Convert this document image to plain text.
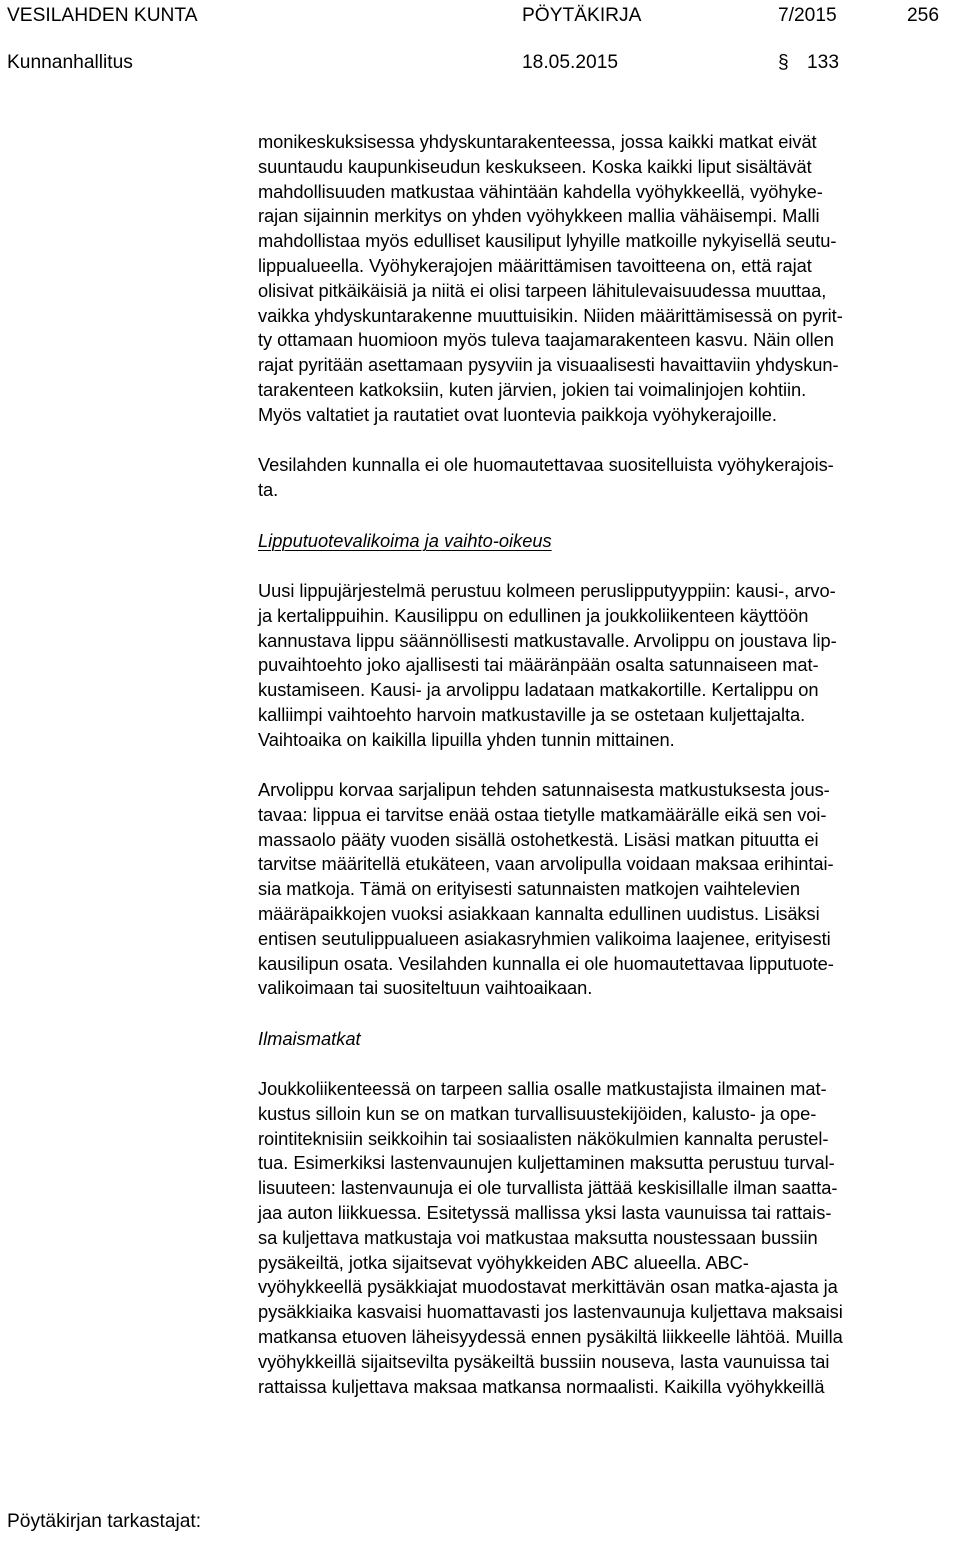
VESILAHDEN KUNTA	PÖYTÄKIRJA	7/2015	256
Kunnanhallitus	18.05.2015	§ 133
monikeskuksisessa yhdyskuntarakenteessa, jossa kaikki matkat eivät
suuntaudu kaupunkiseudun keskukseen. Koska kaikki liput sisältävät
mahdollisuuden matkustaa vähintään kahdella vyöhykkeellä, vyöhyke-
rajan sijainnin merkitys on yhden vyöhykkeen mallia vähäisempi. Malli
mahdollistaa myös edulliset kausiliput lyhyille matkoille nykyisellä seutu-
lippualueella. Vyöhykerajojen määrittämisen tavoitteena on, että rajat
olisivat pitkäikäisiä ja niitä ei olisi tarpeen lähitulevaisuudessa muuttaa,
vaikka yhdyskuntarakenne muuttuisikin. Niiden määrittämisessä on pyrit-
ty ottamaan huomioon myös tuleva taajamarakenteen kasvu. Näin ollen
rajat pyritään asettamaan pysyviin ja visuaalisesti havaittaviin yhdyskun-
tarakenteen katkoksiin, kuten järvien, jokien tai voimalinjojen kohtiin.
Myös valtatiet ja rautatiet ovat luontevia paikkoja vyöhykerajoille.
Vesilahden kunnalla ei ole huomautettavaa suositelluista vyöhykerajois-
ta.
Lipputuotevalikoima ja vaihto-oikeus
Uusi lippujärjestelmä perustuu kolmeen peruslipputyyppiin: kausi-, arvo-
ja kertalippuihin. Kausilippu on edullinen ja joukkoliikenteen käyttöön
kannustava lippu säännöllisesti matkustavalle. Arvolippu on joustava lip-
puvaihtoehto joko ajallisesti tai määränpään osalta satunnaiseen mat-
kustamiseen. Kausi- ja arvolippu ladataan matkakortille. Kertalippu on
kalliimpi vaihtoehto harvoin matkustaville ja se ostetaan kuljettajalta.
Vaihtoaika on kaikilla lipuilla yhden tunnin mittainen.
Arvolippu korvaa sarjalipun tehden satunnaisesta matkustuksesta jous-
tavaa: lippua ei tarvitse enää ostaa tietylle matkamäärälle eikä sen voi-
massaolo pääty vuoden sisällä ostohetkestä. Lisäsi matkan pituutta ei
tarvitse määritellä etukäteen, vaan arvolipulla voidaan maksaa erihintai-
sia matkoja. Tämä on erityisesti satunnaisten matkojen vaihtelevien
määräpaikkojen vuoksi asiakkaan kannalta edullinen uudistus. Lisäksi
entisen seutulippualueen asiakasryhmien valikoima laajenee, erityisesti
kausilipun osata. Vesilahden kunnalla ei ole huomautettavaa lipputuote-
valikoimaan tai suositeltuun vaihtoaikaan.
Ilmaismatkat
Joukkoliikenteessä on tarpeen sallia osalle matkustajista ilmainen mat-
kustus silloin kun se on matkan turvallisuustekijöiden, kalusto- ja ope-
rointiteknisiin seikkoihin tai sosiaalisten näkökulmien kannalta perustel-
tua. Esimerkiksi lastenvaunujen kuljettaminen maksutta perustuu turval-
lisuuteen: lastenvaunuja ei ole turvallista jättää keskisillalle ilman saatta-
jaa auton liikkuessa. Esitetyssä mallissa yksi lasta vaunuissa tai rattais-
sa kuljettava matkustaja voi matkustaa maksutta noustessaan bussiin
pysäkeiltä, jotka sijaitsevat vyöhykkeiden ABC alueella. ABC-
vyöhykkeellä pysäkkiajat muodostavat merkittävän osan matka-ajasta ja
pysäkkiaika kasvaisi huomattavasti jos lastenvaunuja kuljettava maksaisi
matkansa etuoven läheisyydessä ennen pysäkiltä liikkeelle lähtöä. Muilla
vyöhykkeillä sijaitsevilta pysäkeiltä bussiin nouseva, lasta vaunuissa tai
rattaissa kuljettava maksaa matkansa normaalisti. Kaikilla vyöhykkeillä
Pöytäkirjan tarkastajat:
